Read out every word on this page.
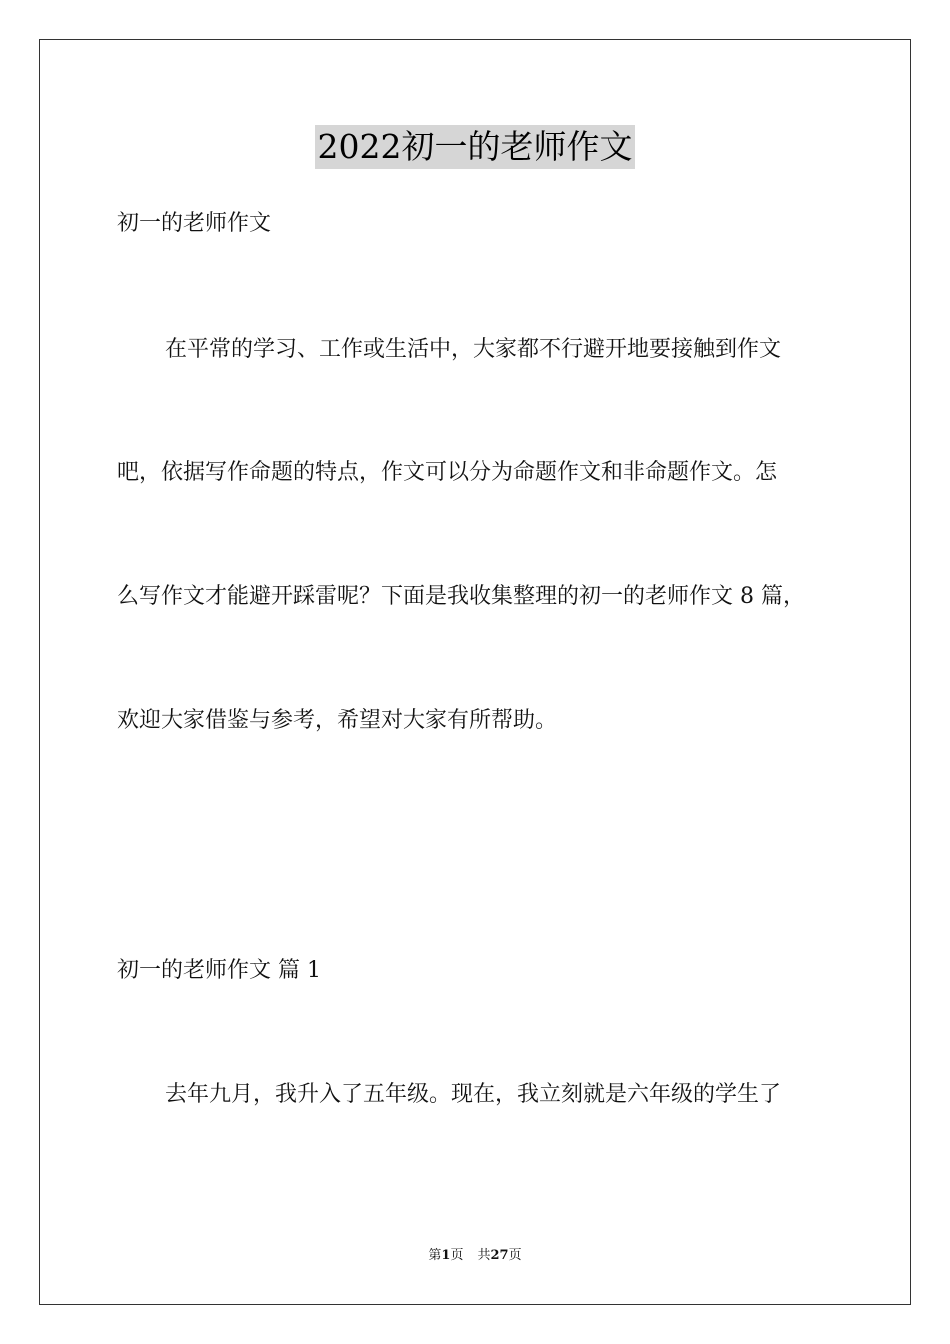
2022初一的老师作文
初一的老师作文
在平常的学习、工作或生活中，大家都不行避开地要接触到作文
吧，依据写作命题的特点，作文可以分为命题作文和非命题作文。怎
么写作文才能避开踩雷呢？下面是我收集整理的初一的老师作文 8 篇，
欢迎大家借鉴与参考，希望对大家有所帮助。
初一的老师作文 篇 1
去年九月，我升入了五年级。现在，我立刻就是六年级的学生了
第1页 共27页
